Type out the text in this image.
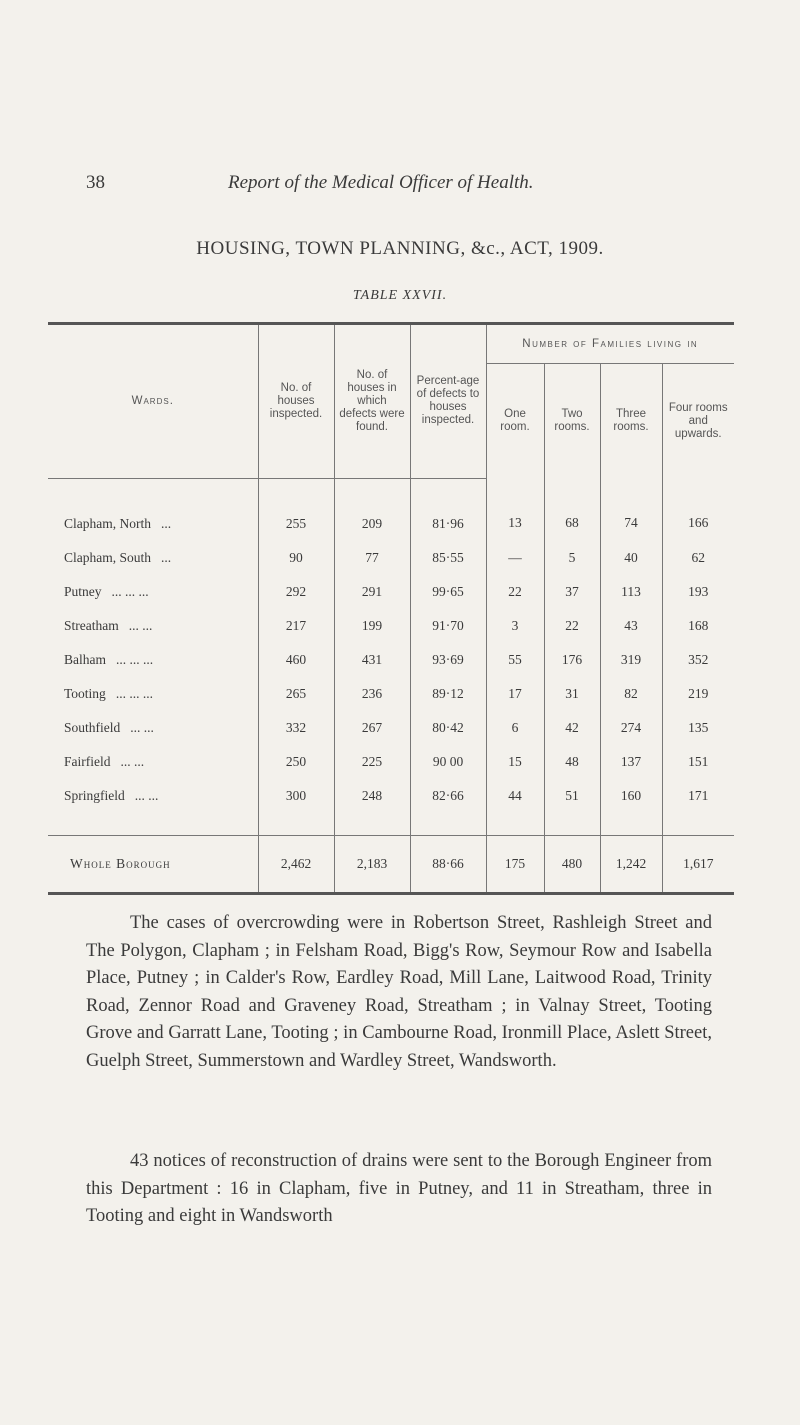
38	Report of the Medical Officer of Health.
HOUSING, TOWN PLANNING, &c., ACT, 1909.
TABLE XXVII.
Wards.	No. of houses inspected.	No. of houses in which defects were found.	Percent-age of defects to houses inspected.	Number of Families living in			
				One room.	Two rooms.	Three rooms.	Four rooms and upwards.
Clapham, North ...	255	209	81·96	13	68	74	166
Clapham, South ...	90	77	85·55	—	5	40	62
Putney ... ... ...	292	291	99·65	22	37	113	193
Streatham ... ...	217	199	91·70	3	22	43	168
Balham ... ... ...	460	431	93·69	55	176	319	352
Tooting ... ... ...	265	236	89·12	17	31	82	219
Southfield ... ...	332	267	80·42	6	42	274	135
Fairfield ... ...	250	225	90 00	15	48	137	151
Springfield ... ...	300	248	82·66	44	51	160	171
Whole Borough	2,462	2,183	88·66	175	480	1,242	1,617

The cases of overcrowding were in Robertson Street, Rashleigh Street and The Polygon, Clapham ; in Felsham Road, Bigg's Row, Seymour Row and Isabella Place, Putney ; in Calder's Row, Eardley Road, Mill Lane, Laitwood Road, Trinity Road, Zennor Road and Graveney Road, Streatham ; in Valnay Street, Tooting Grove and Garratt Lane, Tooting ; in Cambourne Road, Ironmill Place, Aslett Street, Guelph Street, Summerstown and Wardley Street, Wandsworth.

43 notices of reconstruction of drains were sent to the Borough Engineer from this Department : 16 in Clapham, five in Putney, and 11 in Streatham, three in Tooting and eight in Wandsworth
